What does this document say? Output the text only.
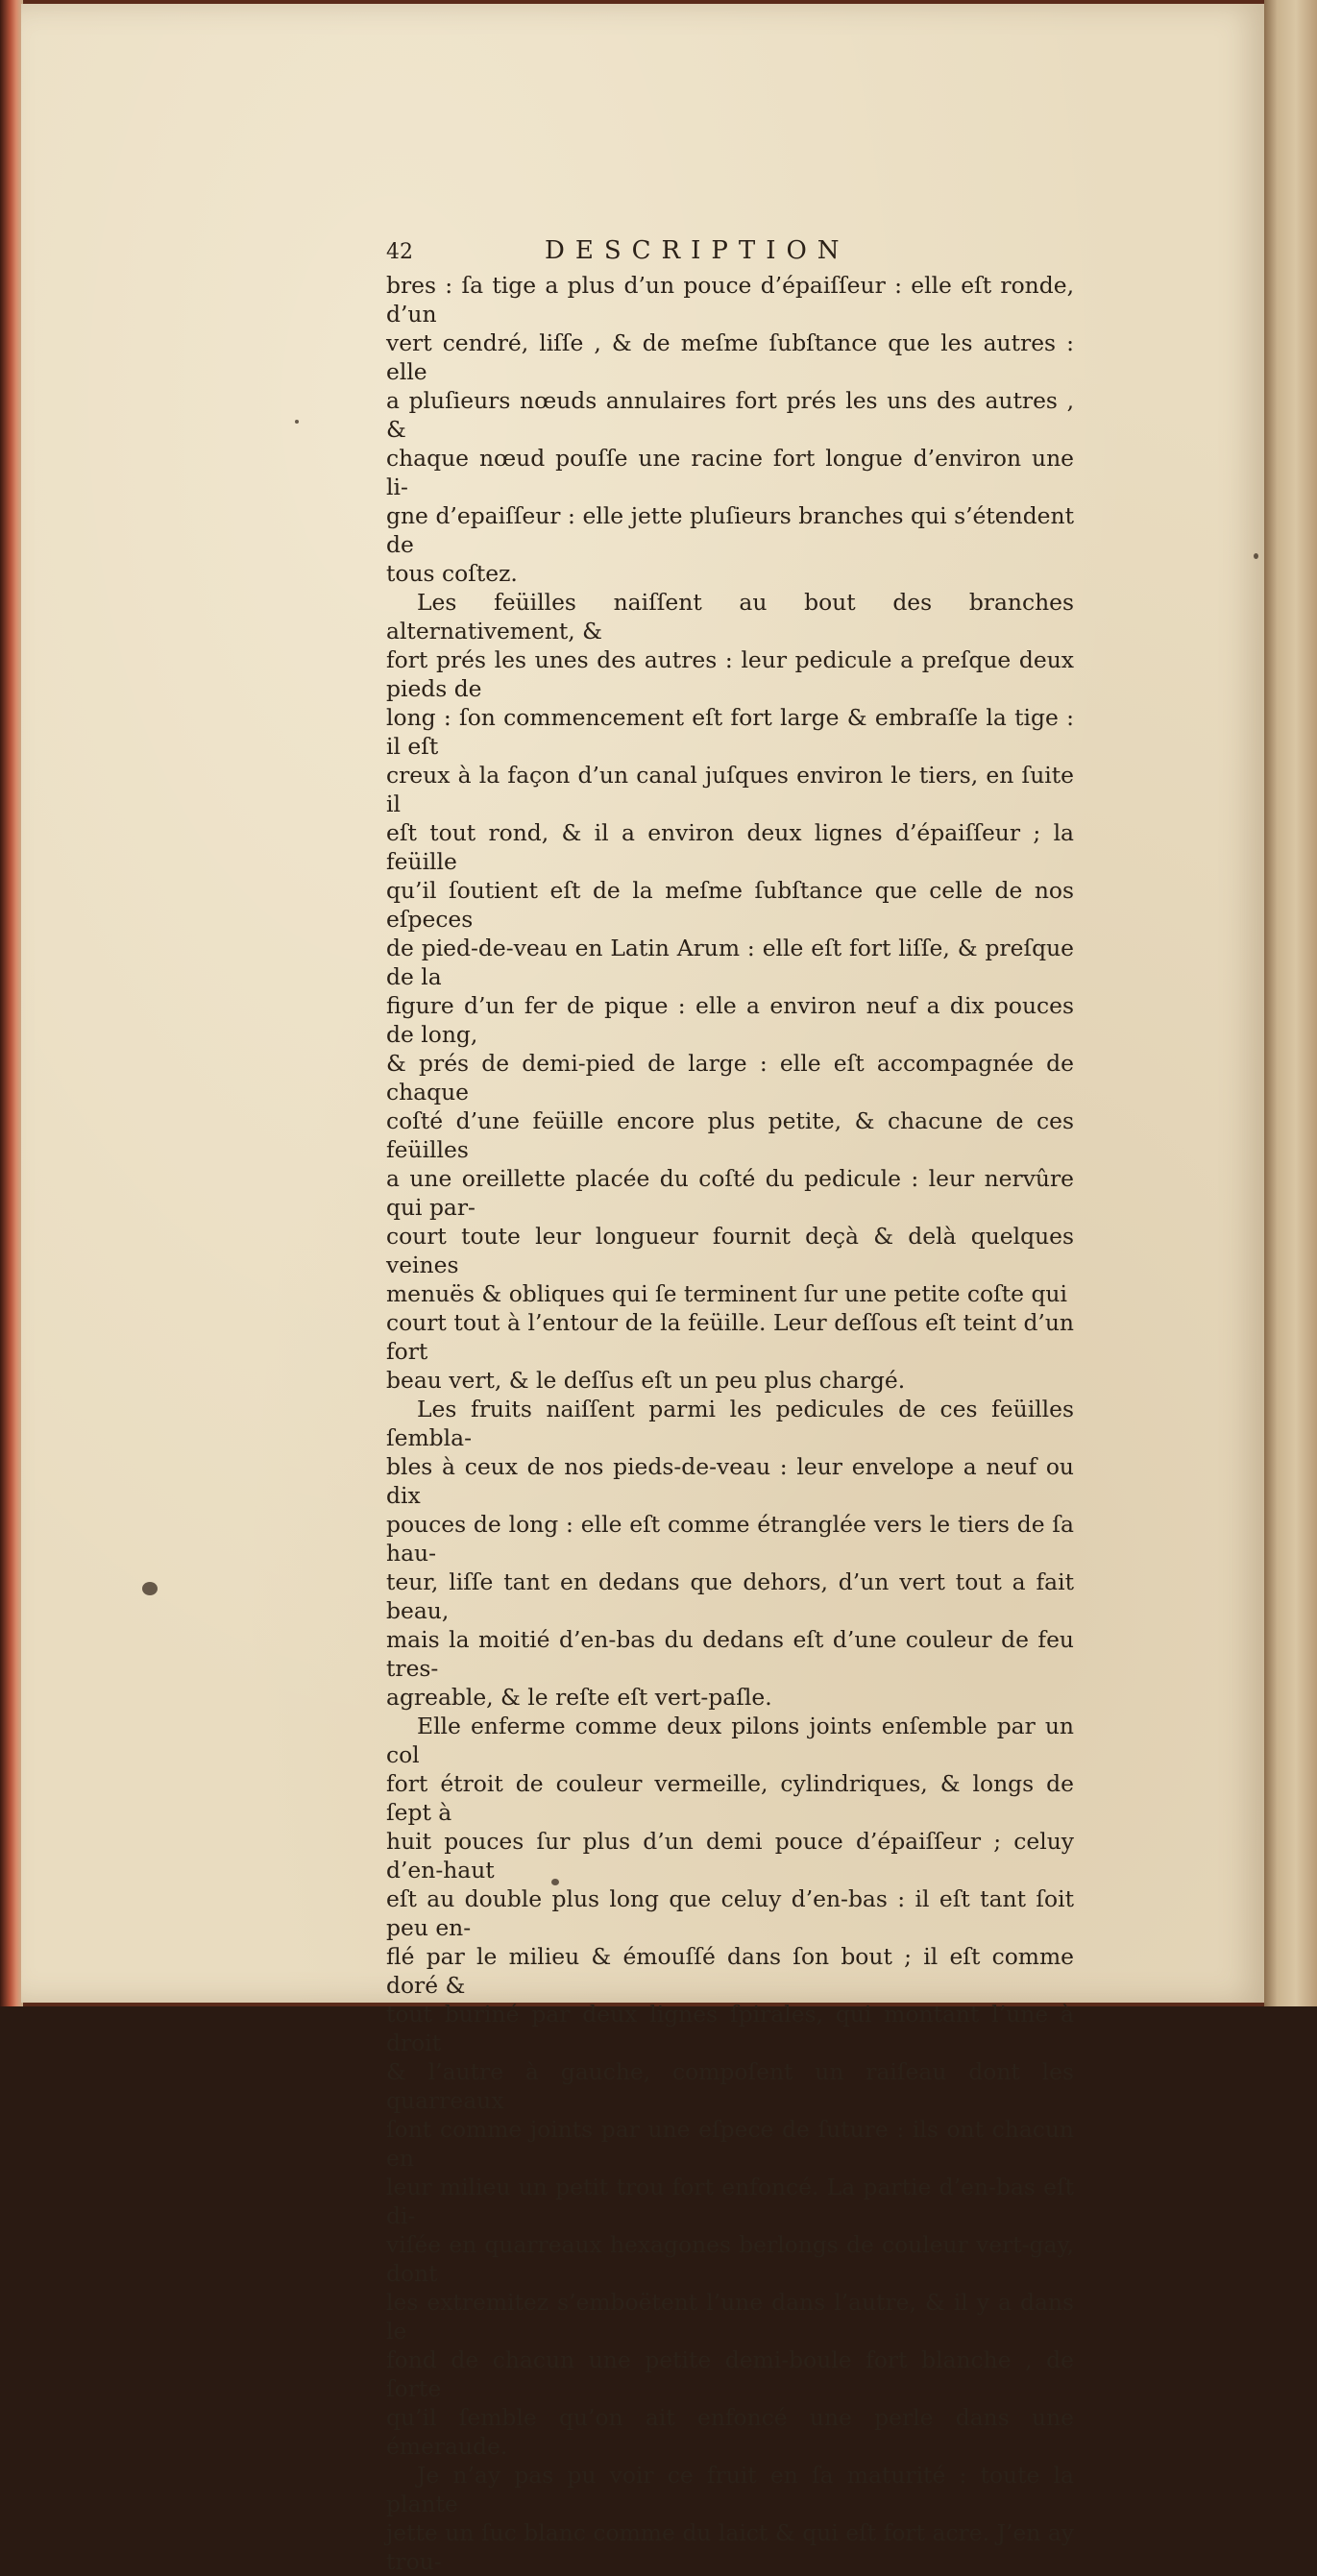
42	DESCRIPTION
bres : ſa tige a plus d’un pouce d’épaiſſeur : elle eſt ronde, d’un
vert cendré, liſſe , & de meſme ſubſtance que les autres : elle
a pluſieurs nœuds annulaires fort prés les uns des autres , &
chaque nœud pouſſe une racine fort longue d’environ une li-
gne d’epaiſſeur : elle jette pluſieurs branches qui s’étendent de
tous coſtez.
Les feüilles naiſſent au bout des branches alternativement, &
fort prés les unes des autres : leur pedicule a preſque deux pieds de
long : ſon commencement eſt fort large & embraſſe la tige : il eſt
creux à la façon d’un canal juſques environ le tiers, en ſuite il
eſt tout rond, & il a environ deux lignes d’épaiſſeur ; la feüille
qu’il ſoutient eſt de la meſme ſubſtance que celle de nos eſpeces
de pied-de-veau en Latin Arum : elle eſt fort liſſe, & preſque de la
figure d’un fer de pique : elle a environ neuf a dix pouces de long,
& prés de demi-pied de large : elle eſt accompagnée de chaque
coſté d’une feüille encore plus petite, & chacune de ces feüilles
a une oreillette placée du coſté du pedicule : leur nervûre qui par-
court toute leur longueur fournit deçà & delà quelques veines
menuës & obliques qui ſe terminent ſur une petite coſte qui
court tout à l’entour de la feüille. Leur deſſous eſt teint d’un fort
beau vert, & le deſſus eſt un peu plus chargé.
Les fruits naiſſent parmi les pedicules de ces feüilles ſembla-
bles à ceux de nos pieds-de-veau : leur envelope a neuf ou dix
pouces de long : elle eſt comme étranglée vers le tiers de ſa hau-
teur, liſſe tant en dedans que dehors, d’un vert tout a fait beau,
mais la moitié d’en-bas du dedans eſt d’une couleur de feu tres-
agreable, & le reſte eſt vert-paſle.
Elle enferme comme deux pilons joints enſemble par un col
fort étroit de couleur vermeille, cylindriques, & longs de ſept à
huit pouces ſur plus d’un demi pouce d’épaiſſeur ; celuy d’en-haut
eſt au double plus long que celuy d’en-bas : il eſt tant ſoit peu en-
flé par le milieu & émouſſé dans ſon bout ; il eſt comme doré &
tout buriné par deux lignes ſpirales, qui montant l’une à droit
& l’autre à gauche, compoſent un raiſeau dont les quarreaux
ſont comme joints par une eſpece de ſuture : ils ont chacun en
leur milieu un petit trou fort enfoncé. La partie d’en-bas eſt di-
viſée en quarreaux hexagones berlongs de couleur vert-gay, dont
les extremitez s’emboëtent l’une dans l’autre, & il y a dans le
fond de chacun une petite demi-boule fort blanche , de ſorte
qu’il ſemble qu’on ait enfoncé une perle dans une émeraude.
Je n’ay pas pu voir ce fruit en ſa maturité : toute la plante
jette un ſuc blanc comme du laict & qui eſt fort acre. J’en ay trou-
